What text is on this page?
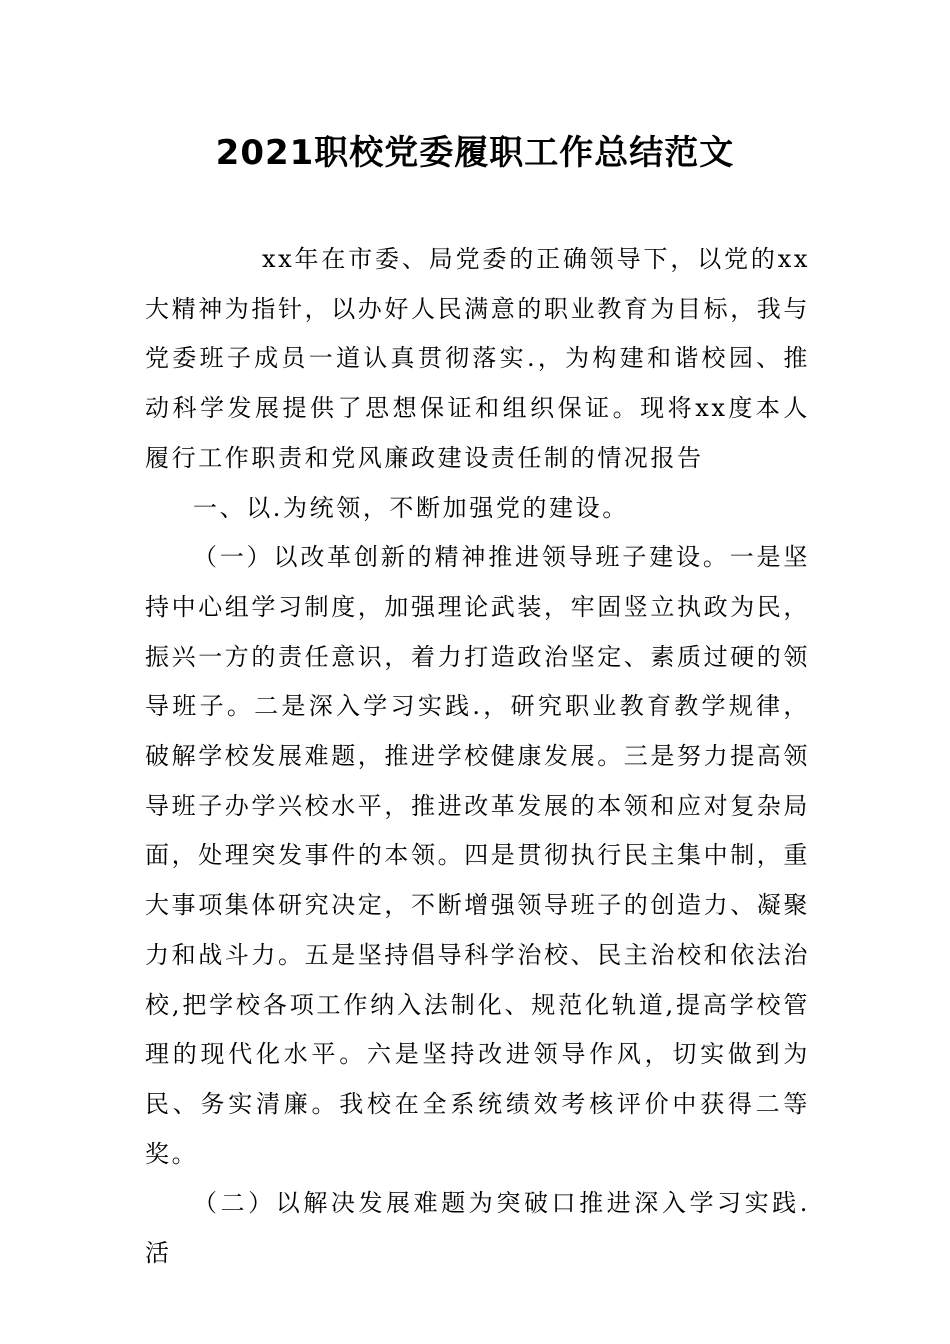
2021职校党委履职工作总结范文

xx年在市委、局党委的正确领导下，以党的xx大精神为指针，以办好人民满意的职业教育为目标，我与党委班子成员一道认真贯彻落实.，为构建和谐校园、推动科学发展提供了思想保证和组织保证。现将xx度本人履行工作职责和党风廉政建设责任制的情况报告

一、以.为统领，不断加强党的建设。

（一）以改革创新的精神推进领导班子建设。一是坚持中心组学习制度，加强理论武装，牢固竖立执政为民，振兴一方的责任意识，着力打造政治坚定、素质过硬的领导班子。二是深入学习实践.，研究职业教育教学规律，破解学校发展难题，推进学校健康发展。三是努力提高领导班子办学兴校水平，推进改革发展的本领和应对复杂局面，处理突发事件的本领。四是贯彻执行民主集中制，重大事项集体研究决定，不断增强领导班子的创造力、凝聚力和战斗力。五是坚持倡导科学治校、民主治校和依法治校,把学校各项工作纳入法制化、规范化轨道,提高学校管理的现代化水平。六是坚持改进领导作风，切实做到为民、务实清廉。我校在全系统绩效考核评价中获得二等奖。

（二）以解决发展难题为突破口推进深入学习实践.活
